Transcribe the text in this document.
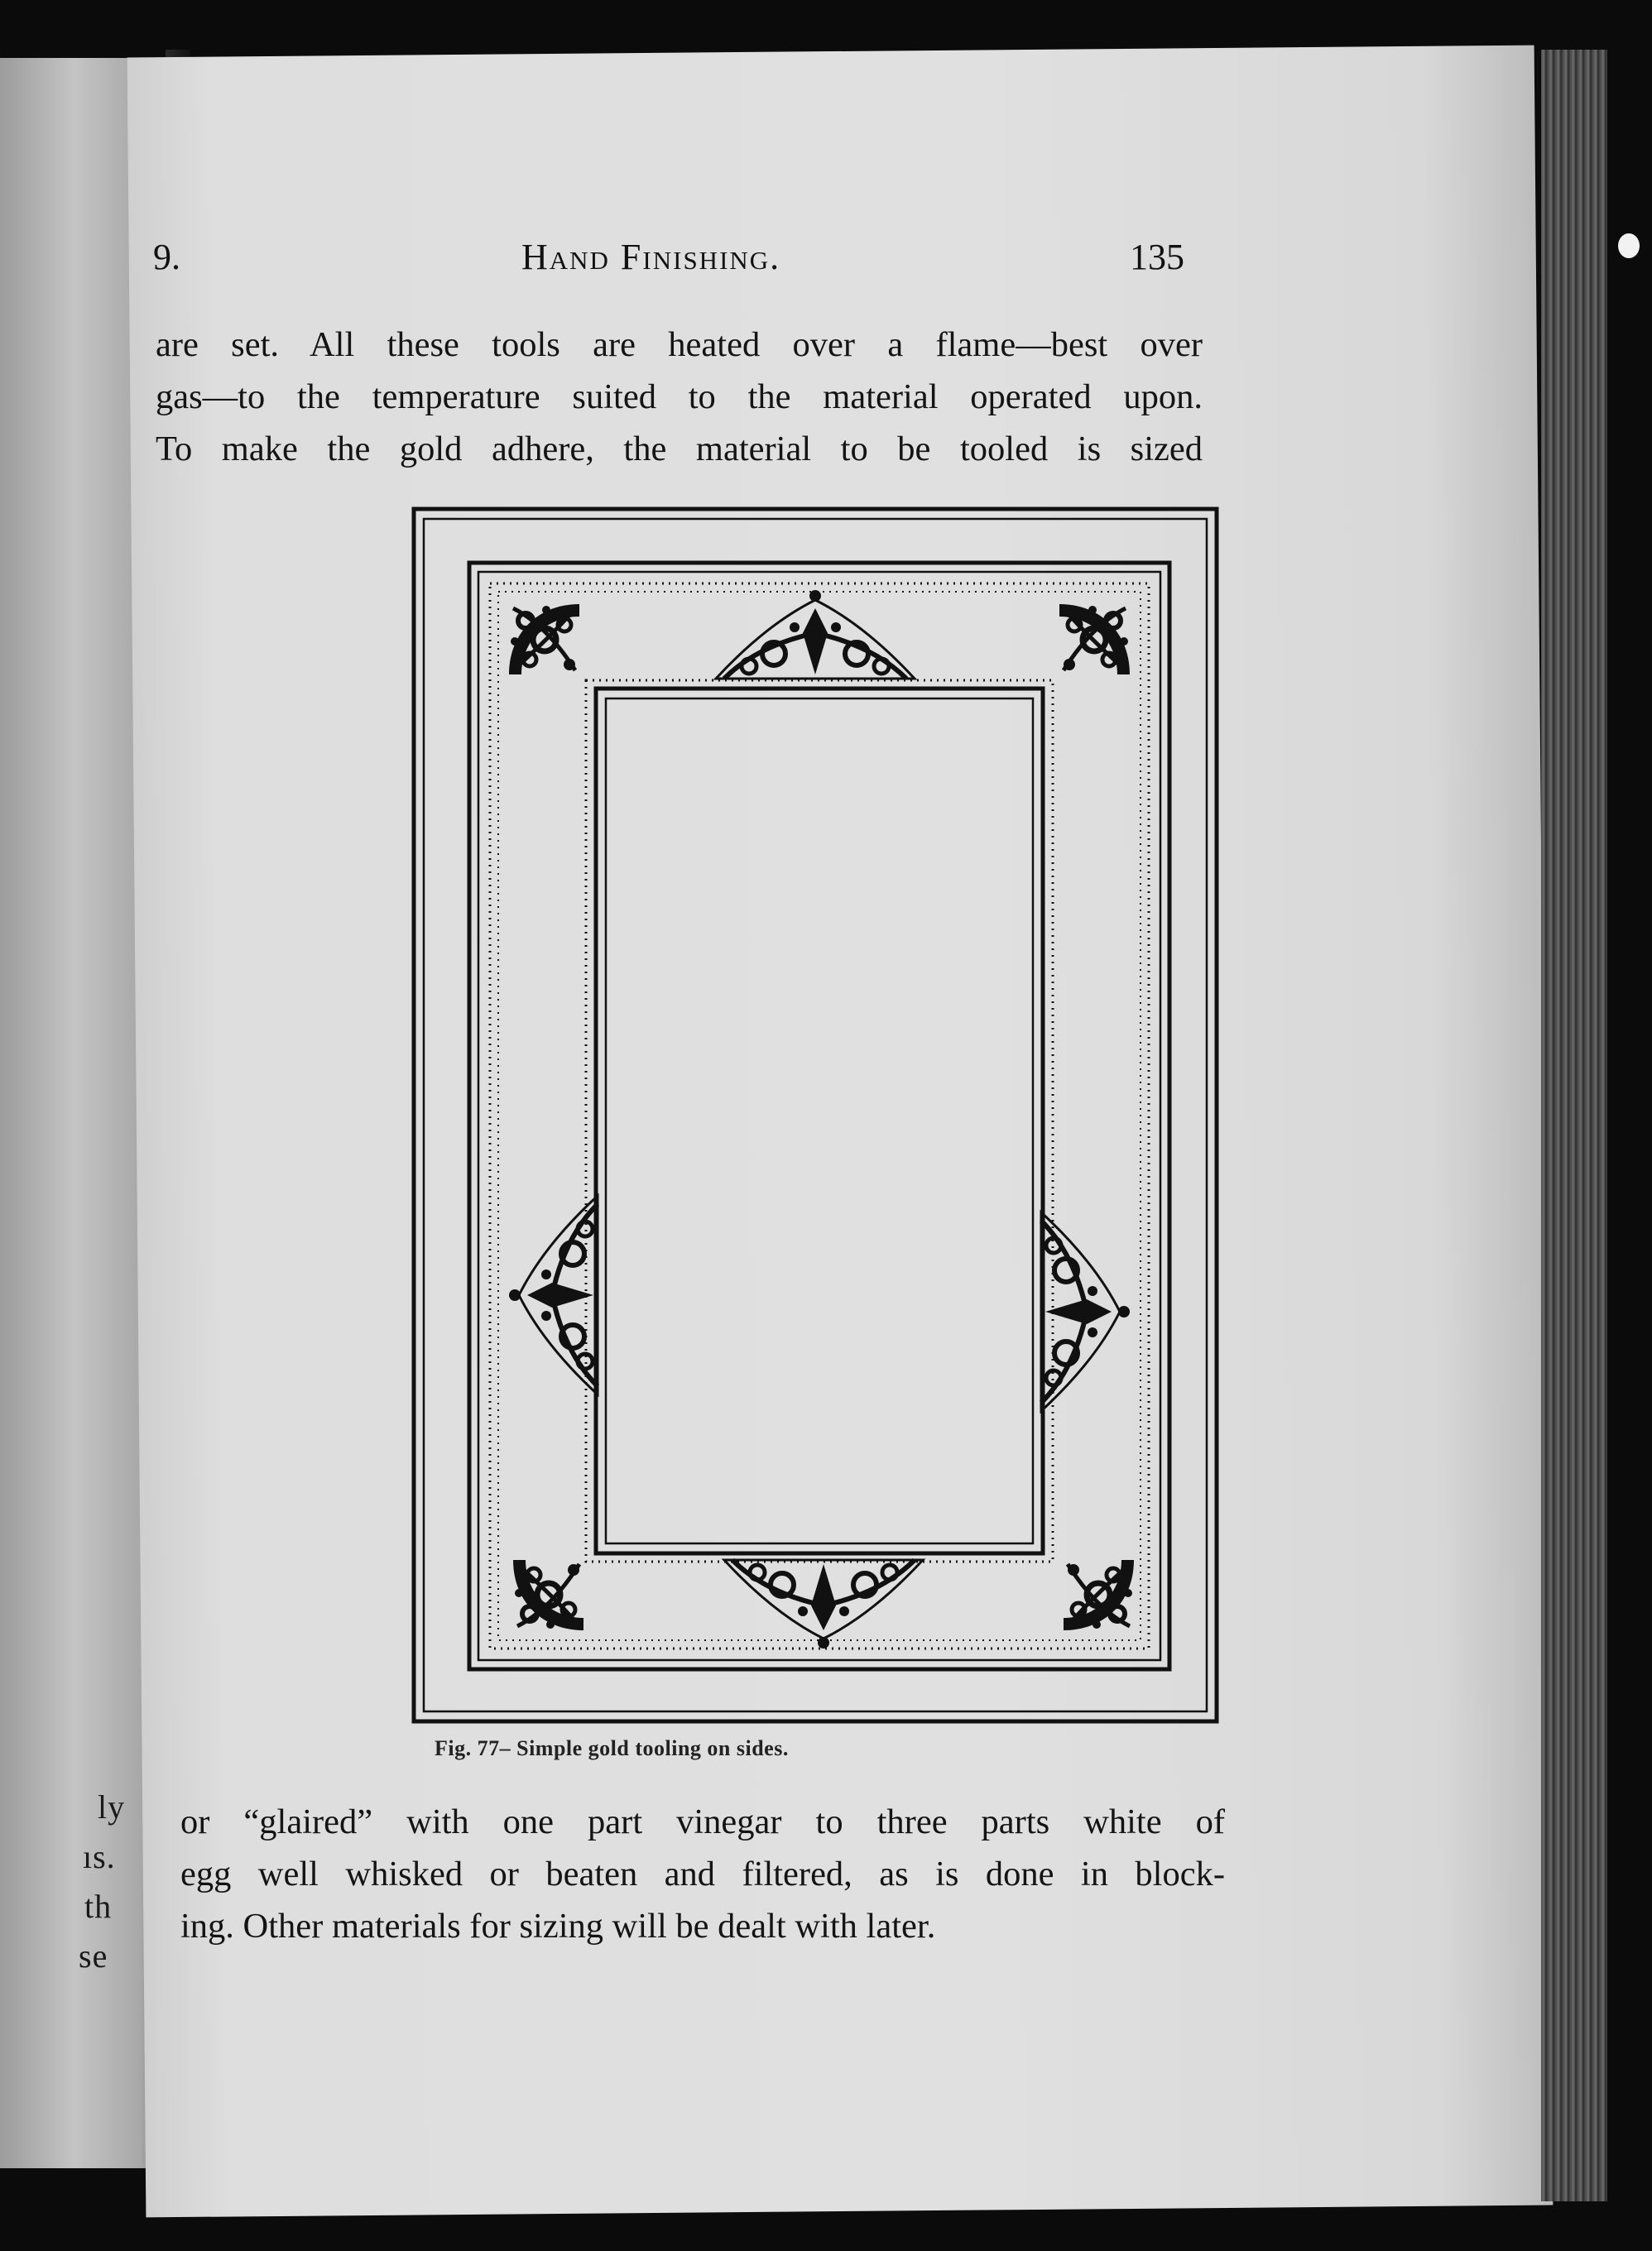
ly
ıs.
th
se
9.	Hand Finishing.	135
are set. All these tools are heated over a flame—best over
gas—to the temperature suited to the material operated upon.
To make the gold adhere, the material to be tooled is sized
Fig. 77– Simple gold tooling on sides.
or “glaired” with one part vinegar to three parts white of
egg well whisked or beaten and filtered, as is done in block-
ing. Other materials for sizing will be dealt with later.
